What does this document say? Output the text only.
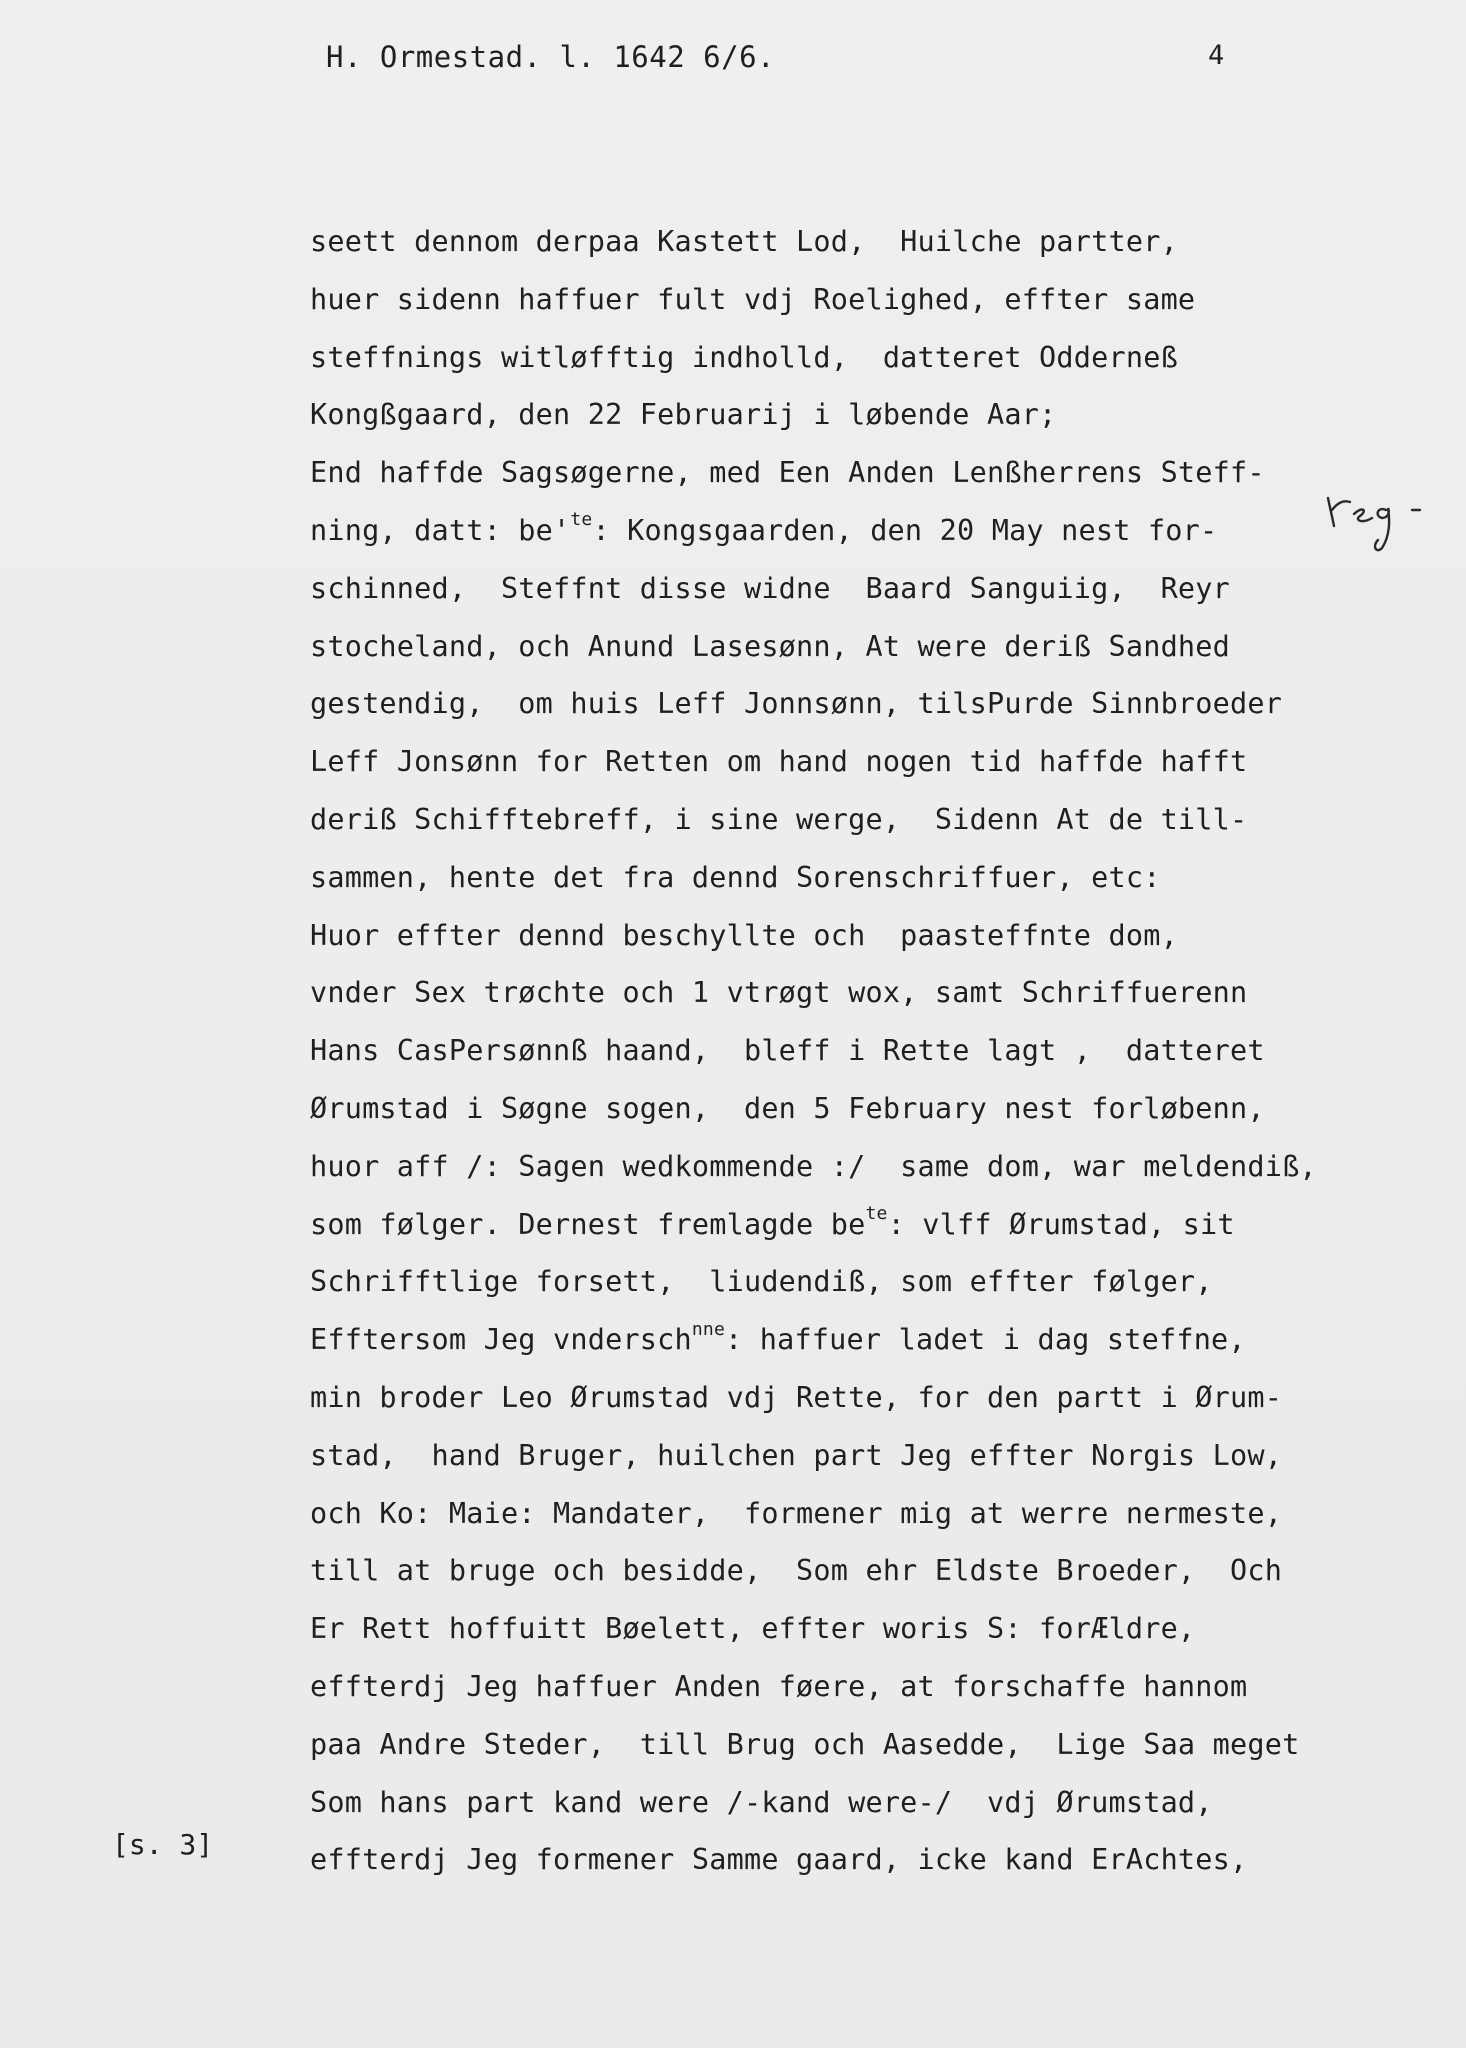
H. Ormestad. l. 1642 6/6.	4
seett dennom derpaa Kastett Lod,  Huilche partter,
huer sidenn haffuer fult vdj Roelighed, effter same
steffnings witløfftig indholld,  datteret Odderneß
Kongßgaard, den 22 Februarij i løbende Aar;
End haffde Sagsøgerne, med Een Anden Lenßherrens Steff-
ning, datt: $be'^{te}$: Kongsgaarden, den 20 May nest for-
schinned,  Steffnt disse widne  Baard Sanguiig,  Reyr
stocheland, och Anund Lasesønn, At were deriß Sandhed
gestendig,  om huis Leff Jonnsønn, tilsPurde Sinnbroeder
Leff Jonsønn for Retten om hand nogen tid haffde hafft
deriß Schifftebreff, i sine werge,  Sidenn At de till-
sammen, hente det fra dennd Sorenschriffuer, etc:
Huor effter dennd beschyllte och  paasteffnte dom,
vnder Sex trøchte och 1 vtrøgt wox, samt Schriffuerenn
Hans CasPersønnß haand,  bleff i Rette lagt ,  datteret
Ørumstad i Søgne sogen,  den 5 February nest forløbenn,
huor aff /: Sagen wedkommende :/  same dom, war meldendiß,
som følger. Dernest fremlagde $be^{te}$: vlff Ørumstad, sit
Schrifftlige forsett,  liudendiß, som effter følger,
Efftersom Jeg vndersch$^{nne}$: haffuer ladet i dag steffne,
min broder Leo Ørumstad vdj Rette, for den partt i Ørum-
stad,  hand Bruger, huilchen part Jeg effter Norgis Low,
och Ko: Maie: Mandater,  formener mig at werre nermeste,
till at bruge och besidde,  Som ehr Eldste Broeder,  Och
Er Rett hoffuitt Bøelett, effter woris S: forÆldre,
effterdj Jeg haffuer Anden føere, at forschaffe hannom
paa Andre Steder,  till Brug och Aasedde,  Lige Saa meget
Som hans part kand were /-kand were-/  vdj Ørumstad,
effterdj Jeg formener Samme gaard, icke kand ErAchtes,
[s. 3]
